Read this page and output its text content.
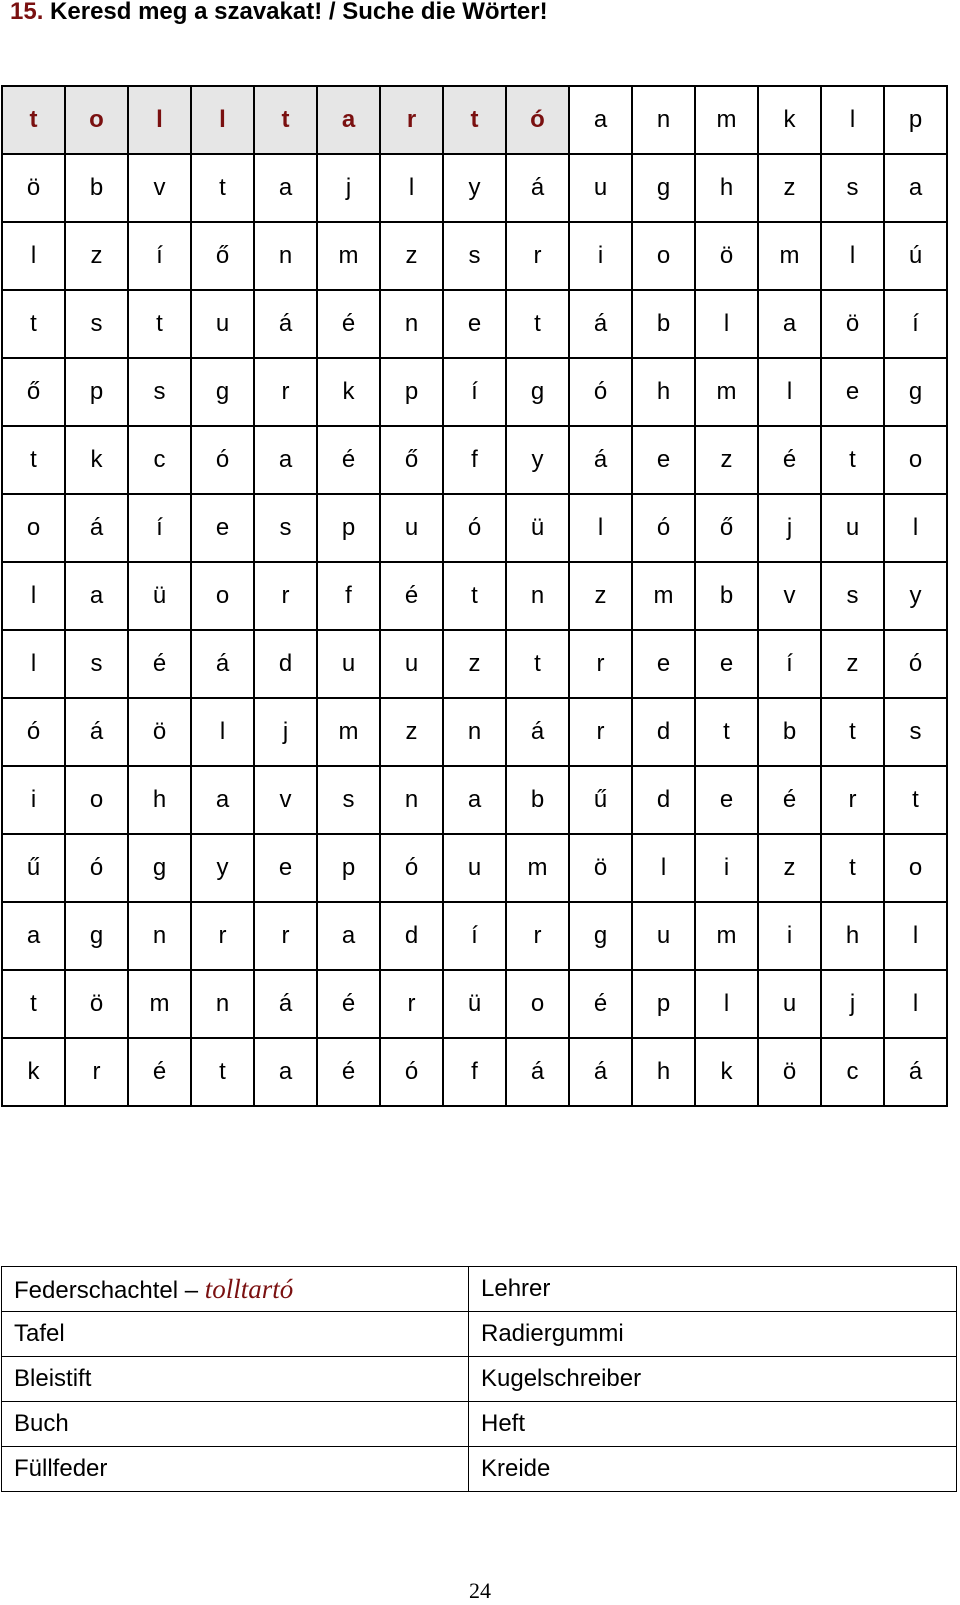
15. Keresd meg a szavakat! / Suche die Wörter!
t	o	l	l	t	a	r	t	ó	a	n	m	k	l	p
ö	b	v	t	a	j	l	y	á	u	g	h	z	s	a
l	z	í	ő	n	m	z	s	r	i	o	ö	m	l	ú
t	s	t	u	á	é	n	e	t	á	b	l	a	ö	í
ő	p	s	g	r	k	p	í	g	ó	h	m	l	e	g
t	k	c	ó	a	é	ő	f	y	á	e	z	é	t	o
o	á	í	e	s	p	u	ó	ü	l	ó	ő	j	u	l
l	a	ü	o	r	f	é	t	n	z	m	b	v	s	y
l	s	é	á	d	u	u	z	t	r	e	e	í	z	ó
ó	á	ö	l	j	m	z	n	á	r	d	t	b	t	s
i	o	h	a	v	s	n	a	b	ű	d	e	é	r	t
ű	ó	g	y	e	p	ó	u	m	ö	l	i	z	t	o
a	g	n	r	r	a	d	í	r	g	u	m	i	h	l
t	ö	m	n	á	é	r	ü	o	é	p	l	u	j	l
k	r	é	t	a	é	ó	f	á	á	h	k	ö	c	á
Federschachtel – tolltartó	Lehrer
Tafel	Radiergummi
Bleistift	Kugelschreiber
Buch	Heft
Füllfeder	Kreide
24
